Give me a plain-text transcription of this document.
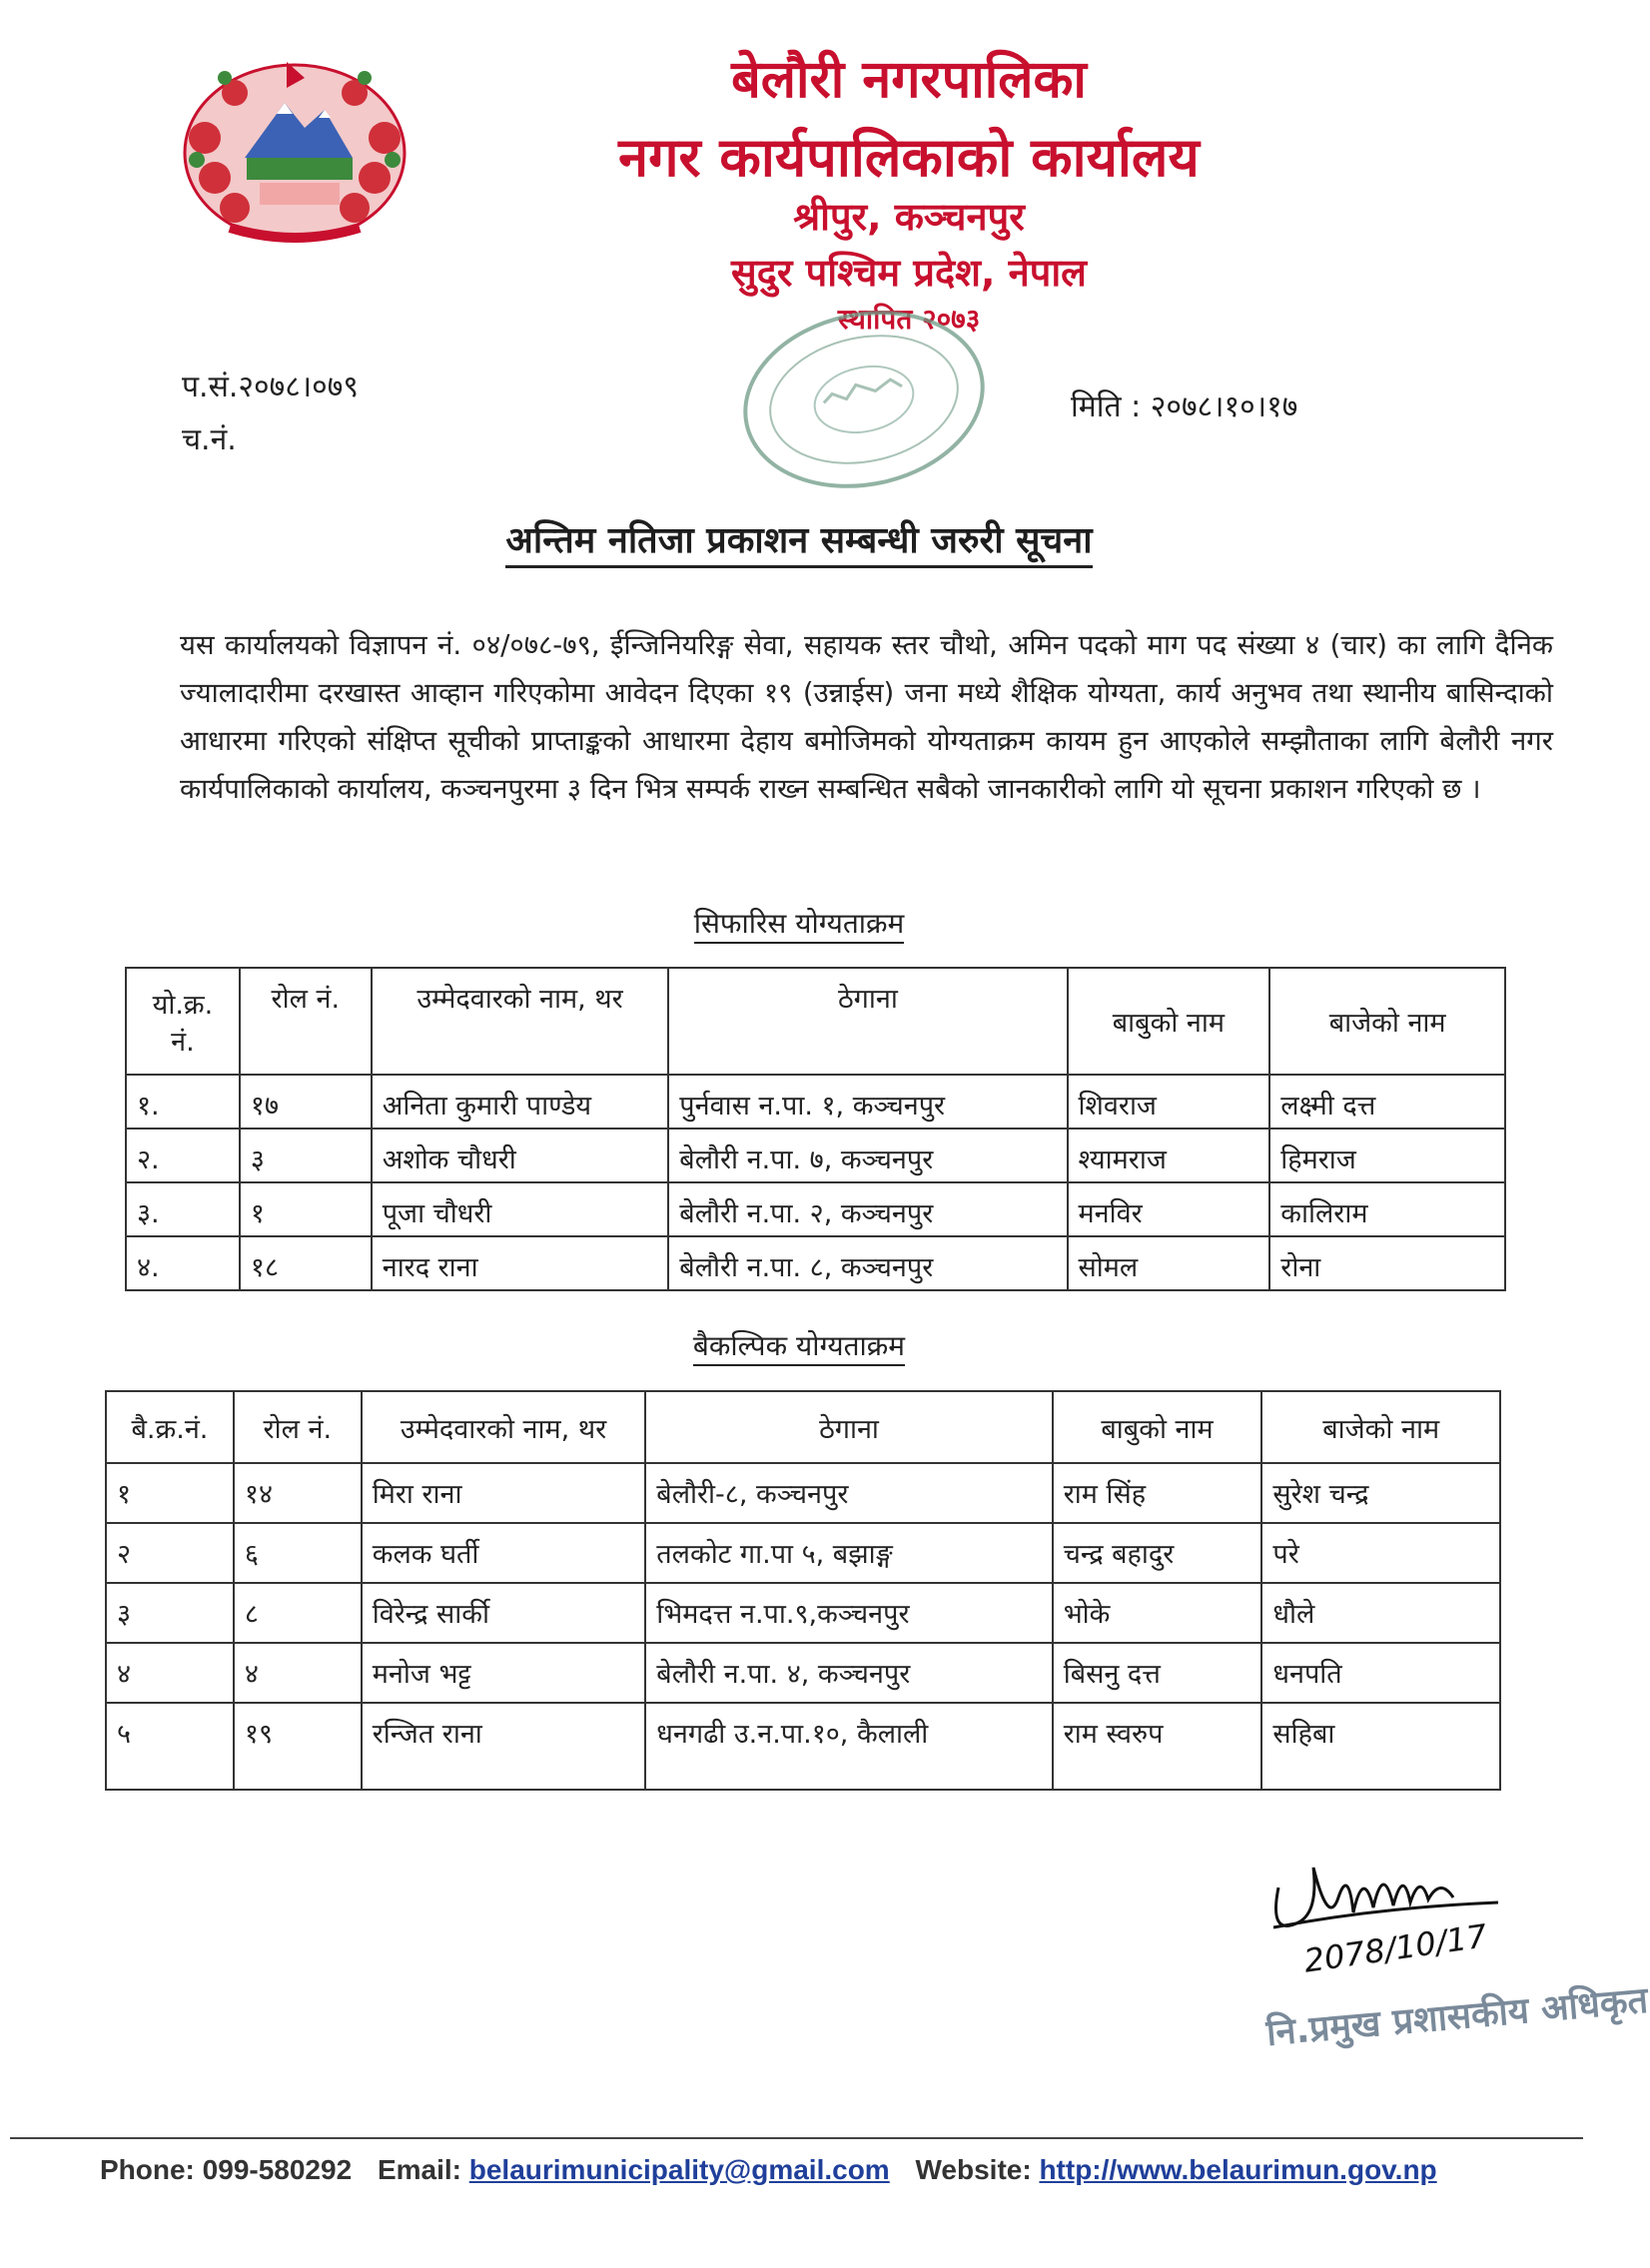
बेलौरी नगरपालिका
नगर कार्यपालिकाको कार्यालय
श्रीपुर, कञ्चनपुर
सुदुर पश्चिम प्रदेश, नेपाल
स्थापित २०७३
प.सं.२०७८।०७९
च.नं.
मिति : २०७८।१०।१७
अन्तिम नतिजा प्रकाशन सम्बन्धी जरुरी सूचना
यस कार्यालयको विज्ञापन नं. ०४/०७८-७९, ईन्जिनियरिङ्ग सेवा, सहायक स्तर चौथो, अमिन पदको माग पद संख्या ४ (चार) का लागि दैनिक ज्यालादारीमा दरखास्त आव्हान गरिएकोमा आवेदन दिएका १९ (उन्नाईस) जना मध्ये शैक्षिक योग्यता, कार्य अनुभव तथा स्थानीय बासिन्दाको आधारमा गरिएको संक्षिप्त सूचीको प्राप्ताङ्कको आधारमा देहाय बमोजिमको योग्यताक्रम कायम हुन आएकोले सम्झौताका लागि बेलौरी नगर कार्यपालिकाको कार्यालय, कञ्चनपुरमा ३ दिन भित्र सम्पर्क राख्न सम्बन्धित सबैको जानकारीको लागि यो सूचना प्रकाशन गरिएको छ ।
सिफारिस योग्यताक्रम
यो.क्र. नं.	रोल नं.	उम्मेदवारको नाम, थर	ठेगाना	बाबुको नाम	बाजेको नाम
१.	१७	अनिता कुमारी पाण्डेय	पुर्नवास न.पा. १, कञ्चनपुर	शिवराज	लक्ष्मी दत्त
२.	३	अशोक चौधरी	बेलौरी न.पा. ७, कञ्चनपुर	श्यामराज	हिमराज
३.	१	पूजा चौधरी	बेलौरी न.पा. २, कञ्चनपुर	मनविर	कालिराम
४.	१८	नारद राना	बेलौरी न.पा. ८, कञ्चनपुर	सोमल	रोना
बैकल्पिक योग्यताक्रम
बै.क्र.नं.	रोल नं.	उम्मेदवारको नाम, थर	ठेगाना	बाबुको नाम	बाजेको नाम
१	१४	मिरा राना	बेलौरी-८, कञ्चनपुर	राम सिंह	सुरेश चन्द्र
२	६	कलक घर्ती	तलकोट गा.पा ५, बझाङ्ग	चन्द्र बहादुर	परे
३	८	विरेन्द्र सार्की	भिमदत्त न.पा.९,कञ्चनपुर	भोके	धौले
४	४	मनोज भट्ट	बेलौरी न.पा. ४, कञ्चनपुर	बिसनु दत्त	धनपति
५	१९	रन्जित राना	धनगढी उ.न.पा.१०, कैलाली	राम स्वरुप	सहिबा
2078/10/17
नि.प्रमुख प्रशासकीय अधिकृत
Phone: 099-580292 Email: belaurimunicipality@gmail.com Website: http://www.belaurimun.gov.np
